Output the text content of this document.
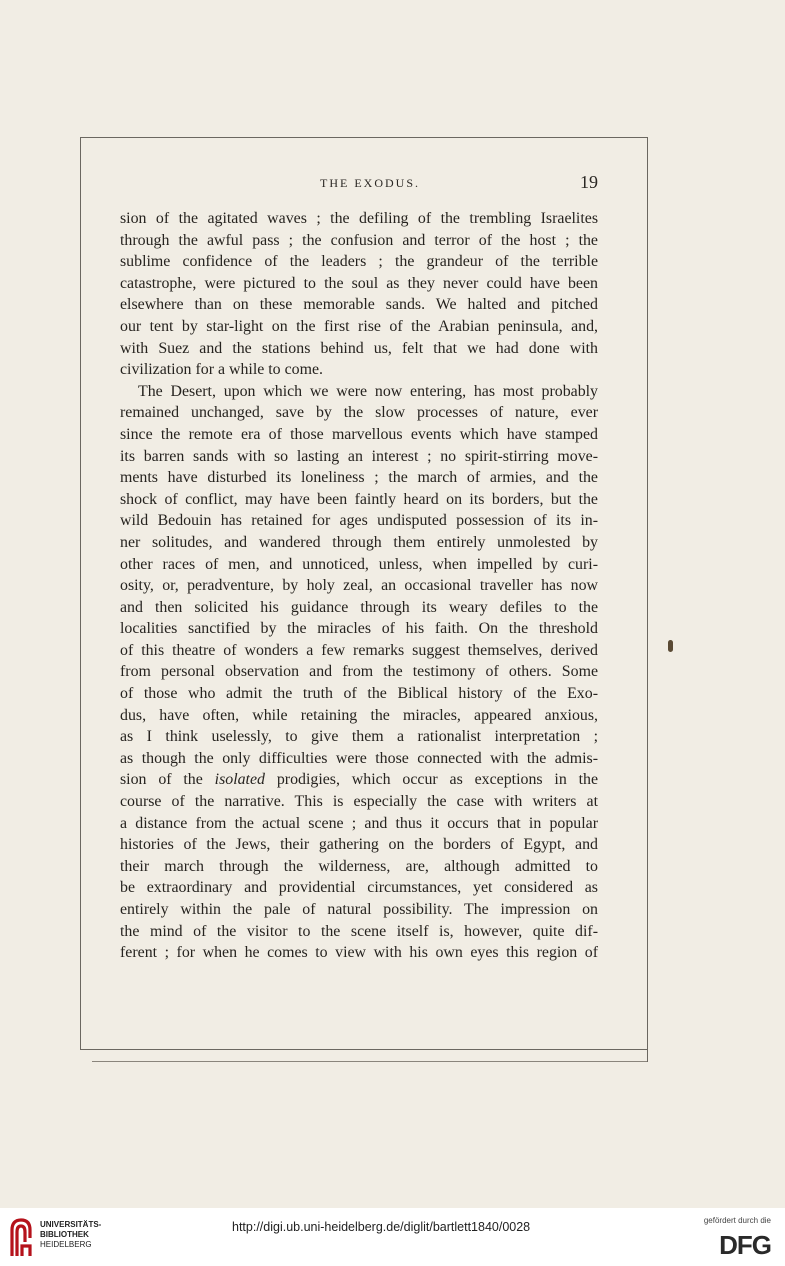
THE EXODUS.	19
sion of the agitated waves ; the defiling of the trembling Israelites
through the awful pass ; the confusion and terror of the host ; the
sublime confidence of the leaders ; the grandeur of the terrible
catastrophe, were pictured to the soul as they never could have been
elsewhere than on these memorable sands. We halted and pitched
our tent by star-light on the first rise of the Arabian peninsula, and,
with Suez and the stations behind us, felt that we had done with
civilization for a while to come.
The Desert, upon which we were now entering, has most probably
remained unchanged, save by the slow processes of nature, ever
since the remote era of those marvellous events which have stamped
its barren sands with so lasting an interest ; no spirit-stirring move-
ments have disturbed its loneliness ; the march of armies, and the
shock of conflict, may have been faintly heard on its borders, but the
wild Bedouin has retained for ages undisputed possession of its in-
ner solitudes, and wandered through them entirely unmolested by
other races of men, and unnoticed, unless, when impelled by curi-
osity, or, peradventure, by holy zeal, an occasional traveller has now
and then solicited his guidance through its weary defiles to the
localities sanctified by the miracles of his faith. On the threshold
of this theatre of wonders a few remarks suggest themselves, derived
from personal observation and from the testimony of others. Some
of those who admit the truth of the Biblical history of the Exo-
dus, have often, while retaining the miracles, appeared anxious,
as I think uselessly, to give them a rationalist interpretation ;
as though the only difficulties were those connected with the admis-
sion of the isolated prodigies, which occur as exceptions in the
course of the narrative. This is especially the case with writers at
a distance from the actual scene ; and thus it occurs that in popular
histories of the Jews, their gathering on the borders of Egypt, and
their march through the wilderness, are, although admitted to
be extraordinary and providential circumstances, yet considered as
entirely within the pale of natural possibility. The impression on
the mind of the visitor to the scene itself is, however, quite dif-
ferent ; for when he comes to view with his own eyes this region of
UNIVERSITÄTS-
BIBLIOTHEK
HEIDELBERG
http://digi.ub.uni-heidelberg.de/diglit/bartlett1840/0028	gefördert durch die
DFG
